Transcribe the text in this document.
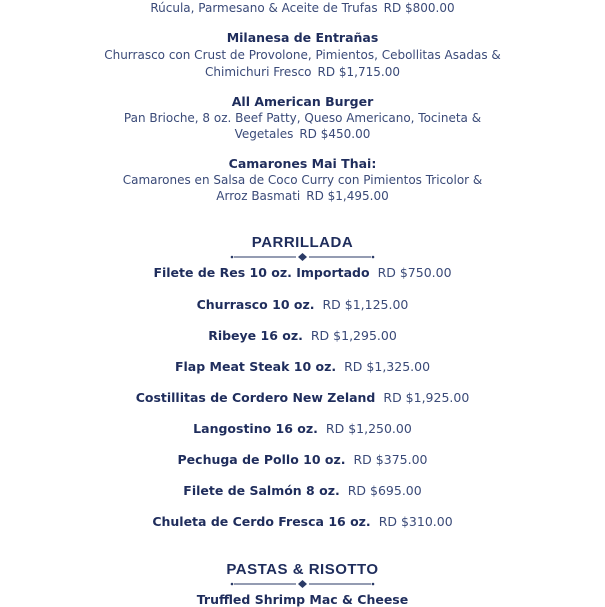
Rúcula, Parmesano & Aceite de Trufas RD $800.00
Milanesa de Entrañas
Churrasco con Crust de Provolone, Pimientos, Cebollitas Asadas &
Chimichuri Fresco RD $1,715.00
All American Burger
Pan Brioche, 8 oz. Beef Patty, Queso Americano, Tocineta &
Vegetales RD $450.00
Camarones Mai Thai:
Camarones en Salsa de Coco Curry con Pimientos Tricolor &
Arroz Basmati RD $1,495.00
PARRILLADA
Filete de Res 10 oz. Importado RD $750.00
Churrasco 10 oz. RD $1,125.00
Ribeye 16 oz. RD $1,295.00
Flap Meat Steak 10 oz. RD $1,325.00
Costillitas de Cordero New Zeland RD $1,925.00
Langostino 16 oz. RD $1,250.00
Pechuga de Pollo 10 oz. RD $375.00
Filete de Salmón 8 oz. RD $695.00
Chuleta de Cerdo Fresca 16 oz. RD $310.00
PASTAS & RISOTTO
Truffled Shrimp Mac & Cheese
